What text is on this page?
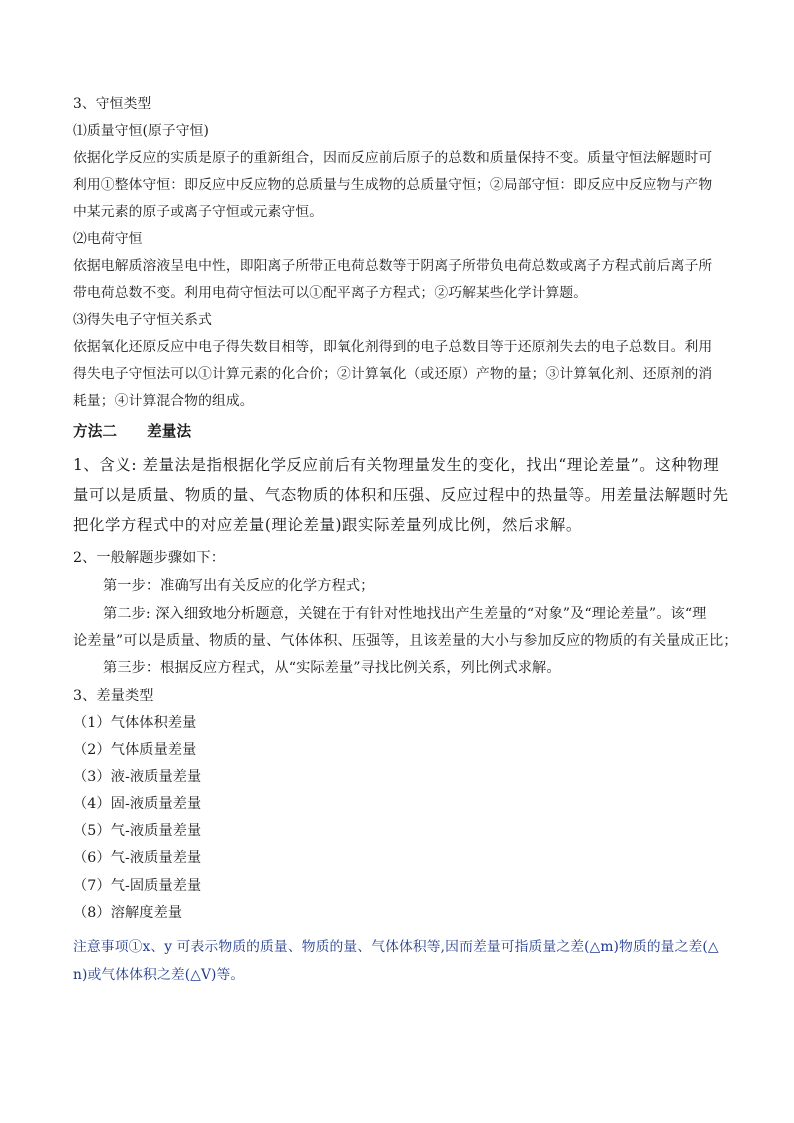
3、守恒类型
⑴质量守恒(原子守恒)
依据化学反应的实质是原子的重新组合，因而反应前后原子的总数和质量保持不变。质量守恒法解题时可
利用①整体守恒：即反应中反应物的总质量与生成物的总质量守恒；②局部守恒：即反应中反应物与产物
中某元素的原子或离子守恒或元素守恒。
⑵电荷守恒
依据电解质溶液呈电中性，即阳离子所带正电荷总数等于阴离子所带负电荷总数或离子方程式前后离子所
带电荷总数不变。利用电荷守恒法可以①配平离子方程式；②巧解某些化学计算题。
⑶得失电子守恒关系式
依据氧化还原反应中电子得失数目相等，即氧化剂得到的电子总数目等于还原剂失去的电子总数目。利用
得失电子守恒法可以①计算元素的化合价；②计算氧化（或还原）产物的量；③计算氧化剂、还原剂的消
耗量；④计算混合物的组成。
方法二 差量法
1、含义: 差量法是指根据化学反应前后有关物理量发生的变化，找出“理论差量”。这种物理
量可以是质量、物质的量、气态物质的体积和压强、反应过程中的热量等。用差量法解题时先
把化学方程式中的对应差量(理论差量)跟实际差量列成比例，然后求解。
2、一般解题步骤如下：
第一步：准确写出有关反应的化学方程式；
第二步: 深入细致地分析题意，关键在于有针对性地找出产生差量的“对象”及“理论差量”。该“理
论差量”可以是质量、物质的量、气体体积、压强等，且该差量的大小与参加反应的物质的有关量成正比；
第三步：根据反应方程式，从“实际差量”寻找比例关系，列比例式求解。
3、差量类型
（1）气体体积差量
（2）气体质量差量
（3）液-液质量差量
（4）固-液质量差量
（5）气-液质量差量
（6）气-液质量差量
（7）气-固质量差量
（8）溶解度差量
注意事项①x、y 可表示物质的质量、物质的量、气体体积等,因而差量可指质量之差(△m)物质的量之差(△
n)或气体体积之差(△V)等。
